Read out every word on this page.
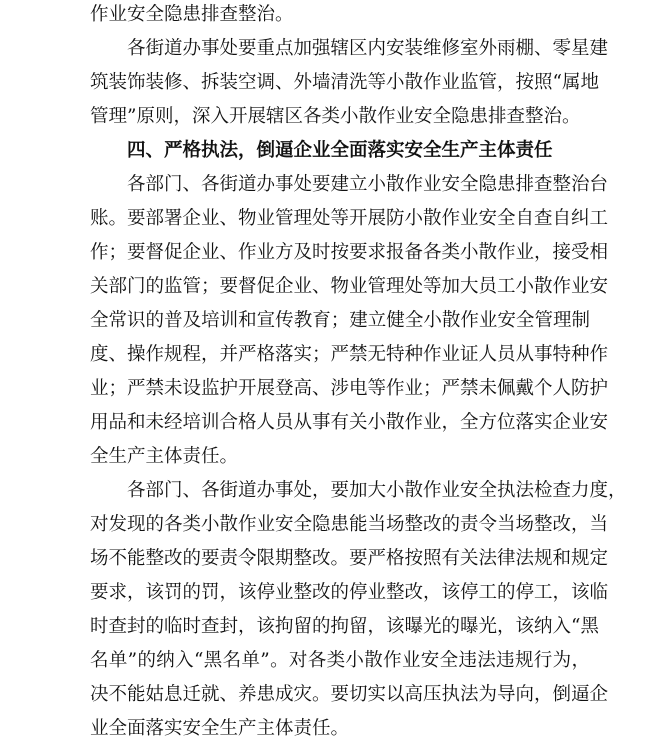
作业安全隐患排查整治。
各街道办事处要重点加强辖区内安装维修室外雨棚、零星建
筑装饰装修、拆装空调、外墙清洗等小散作业监管，按照“属地
管理”原则，深入开展辖区各类小散作业安全隐患排查整治。
四、严格执法，倒逼企业全面落实安全生产主体责任
各部门、各街道办事处要建立小散作业安全隐患排查整治台
账。要部署企业、物业管理处等开展防小散作业安全自查自纠工
作；要督促企业、作业方及时按要求报备各类小散作业，接受相
关部门的监管；要督促企业、物业管理处等加大员工小散作业安
全常识的普及培训和宣传教育；建立健全小散作业安全管理制
度、操作规程，并严格落实；严禁无特种作业证人员从事特种作
业；严禁未设监护开展登高、涉电等作业；严禁未佩戴个人防护
用品和未经培训合格人员从事有关小散作业，全方位落实企业安
全生产主体责任。
各部门、各街道办事处，要加大小散作业安全执法检查力度，
对发现的各类小散作业安全隐患能当场整改的责令当场整改，当
场不能整改的要责令限期整改。要严格按照有关法律法规和规定
要求，该罚的罚，该停业整改的停业整改，该停工的停工，该临
时查封的临时查封，该拘留的拘留，该曝光的曝光，该纳入“黑
名单”的纳入“黑名单”。对各类小散作业安全违法违规行为，
决不能姑息迁就、养患成灾。要切实以高压执法为导向，倒逼企
业全面落实安全生产主体责任。
